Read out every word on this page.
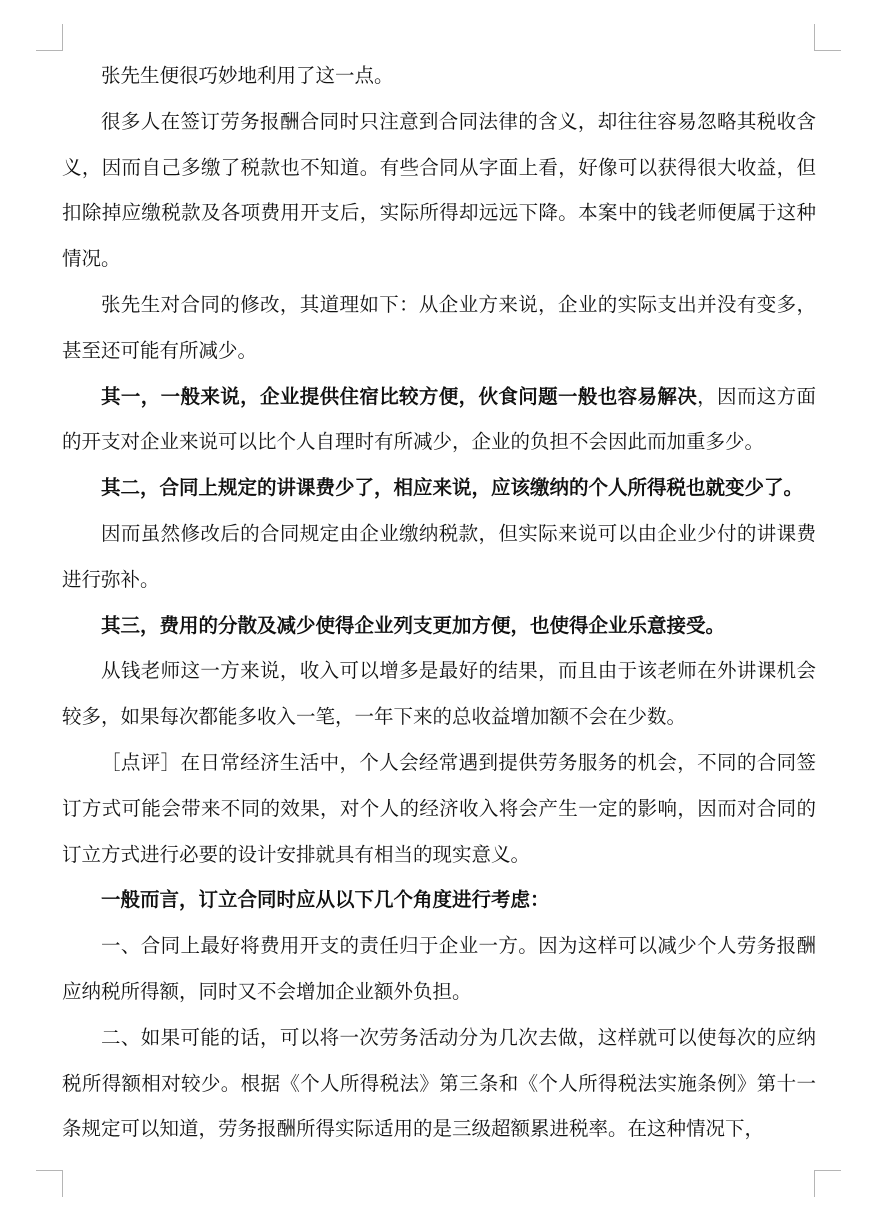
张先生便很巧妙地利用了这一点。

很多人在签订劳务报酬合同时只注意到合同法律的含义，却往往容易忽略其税收含义，因而自己多缴了税款也不知道。有些合同从字面上看，好像可以获得很大收益，但扣除掉应缴税款及各项费用开支后，实际所得却远远下降。本案中的钱老师便属于这种情况。

张先生对合同的修改，其道理如下：从企业方来说，企业的实际支出并没有变多，甚至还可能有所减少。

其一，一般来说，企业提供住宿比较方便，伙食问题一般也容易解决，因而这方面的开支对企业来说可以比个人自理时有所减少，企业的负担不会因此而加重多少。

其二，合同上规定的讲课费少了，相应来说，应该缴纳的个人所得税也就变少了。

因而虽然修改后的合同规定由企业缴纳税款，但实际来说可以由企业少付的讲课费进行弥补。

其三，费用的分散及减少使得企业列支更加方便，也使得企业乐意接受。

从钱老师这一方来说，收入可以增多是最好的结果，而且由于该老师在外讲课机会较多，如果每次都能多收入一笔，一年下来的总收益增加额不会在少数。

［点评］在日常经济生活中，个人会经常遇到提供劳务服务的机会，不同的合同签订方式可能会带来不同的效果，对个人的经济收入将会产生一定的影响，因而对合同的订立方式进行必要的设计安排就具有相当的现实意义。

一般而言，订立合同时应从以下几个角度进行考虑：

一、合同上最好将费用开支的责任归于企业一方。因为这样可以减少个人劳务报酬应纳税所得额，同时又不会增加企业额外负担。

二、如果可能的话，可以将一次劳务活动分为几次去做，这样就可以使每次的应纳税所得额相对较少。根据《个人所得税法》第三条和《个人所得税法实施条例》第十一条规定可以知道，劳务报酬所得实际适用的是三级超额累进税率。在这种情况下，
